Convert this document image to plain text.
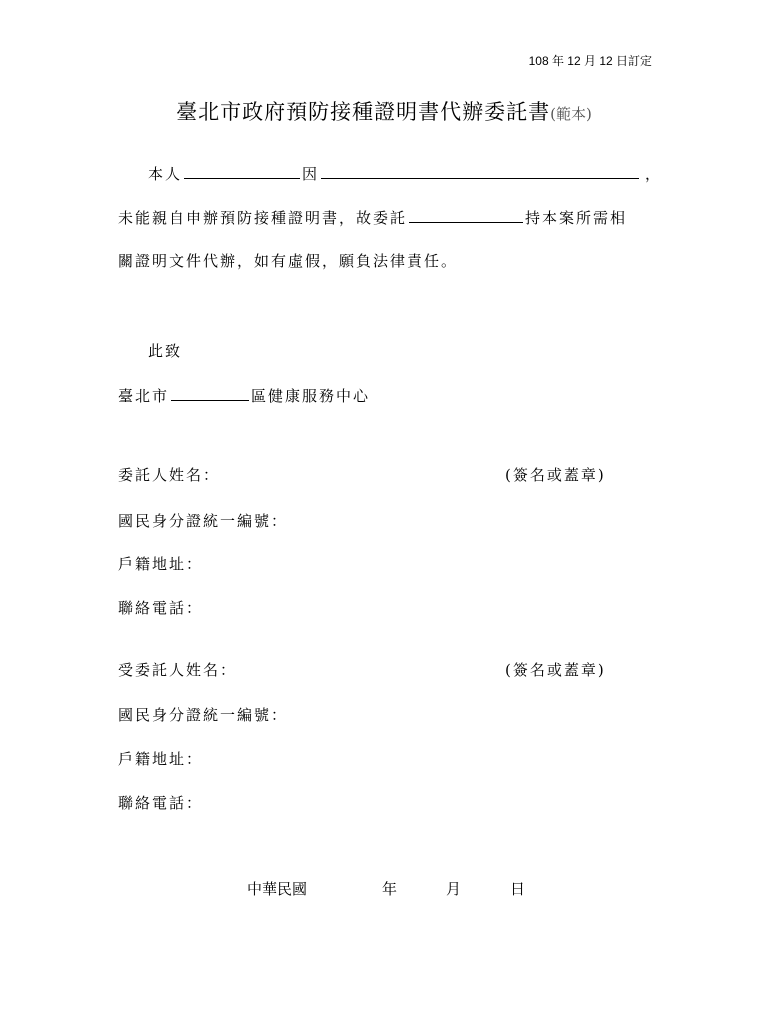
108 年 12 月 12 日訂定
臺北市政府預防接種證明書代辦委託書(範本)
本人	因	，
未能親自申辦預防接種證明書，故委託	持本案所需相
關證明文件代辦，如有虛假，願負法律責任。
此致
臺北市	區健康服務中心
委託人姓名：	(簽名或蓋章)
國民身分證統一編號：
戶籍地址：
聯絡電話：
受委託人姓名：	(簽名或蓋章)
國民身分證統一編號：
戶籍地址：
聯絡電話：
中華民國	年	月	日
